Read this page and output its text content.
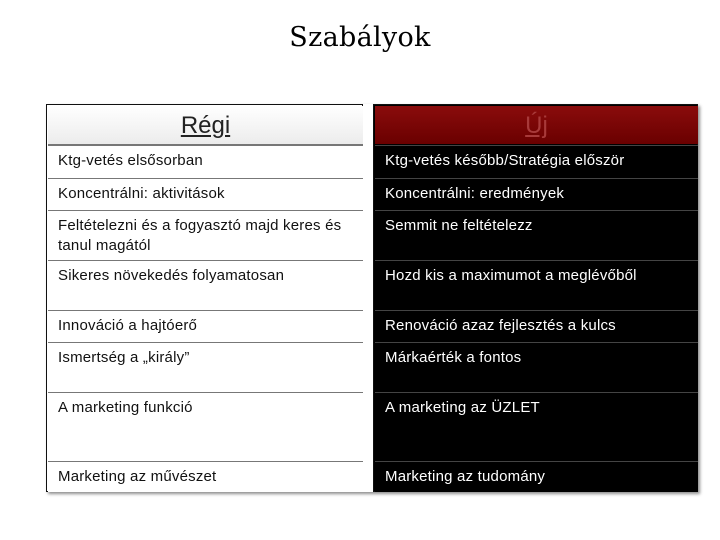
Szabályok
Régi
Ktg-vetés elsősorban
Koncentrálni: aktivitások
Feltételezni és a fogyasztó majd keres és tanul magától
Sikeres növekedés folyamatosan
Innováció a hajtóerő
Ismertség a „király”
A marketing funkció
Marketing az művészet
Új
Ktg-vetés később/Stratégia először
Koncentrálni: eredmények
Semmit ne feltételezz
Hozd kis a maximumot a meglévőből
Renováció azaz fejlesztés a kulcs
Márkaérték a fontos
A marketing az ÜZLET
Marketing az tudomány
